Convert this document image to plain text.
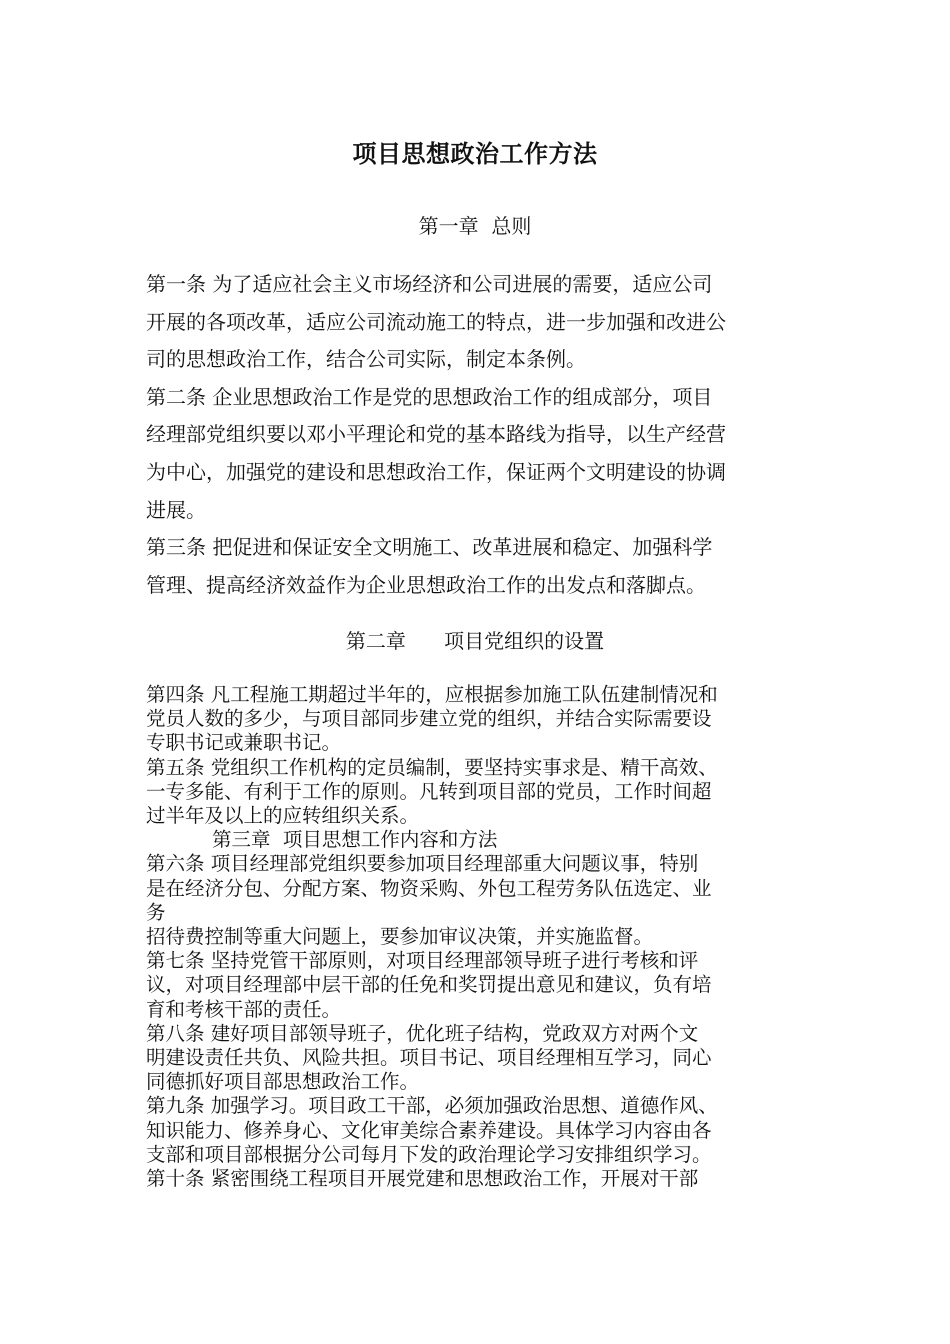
项目思想政治工作方法
第一章  总则

第一条 为了适应社会主义市场经济和公司进展的需要，适应公司
开展的各项改革，适应公司流动施工的特点，进一步加强和改进公
司的思想政治工作，结合公司实际，制定本条例。

第二条 企业思想政治工作是党的思想政治工作的组成部分，项目
经理部党组织要以邓小平理论和党的基本路线为指导，以生产经营
为中心，加强党的建设和思想政治工作，保证两个文明建设的协调
进展。

第三条 把促进和保证安全文明施工、改革进展和稳定、加强科学
管理、提高经济效益作为企业思想政治工作的出发点和落脚点。

第二章      项目党组织的设置

第四条 凡工程施工期超过半年的，应根据参加施工队伍建制情况和
党员人数的多少，与项目部同步建立党的组织，并结合实际需要设
专职书记或兼职书记。

第五条 党组织工作机构的定员编制，要坚持实事求是、精干高效、
一专多能、有利于工作的原则。凡转到项目部的党员，工作时间超
过半年及以上的应转组织关系。

第三章  项目思想工作内容和方法

第六条 项目经理部党组织要参加项目经理部重大问题议事，特别
是在经济分包、分配方案、物资采购、外包工程劳务队伍选定、业
务
招待费控制等重大问题上，要参加审议决策，并实施监督。

第七条 坚持党管干部原则，对项目经理部领导班子进行考核和评
议，对项目经理部中层干部的任免和奖罚提出意见和建议，负有培
育和考核干部的责任。

第八条 建好项目部领导班子，优化班子结构，党政双方对两个文
明建设责任共负、风险共担。项目书记、项目经理相互学习，同心
同德抓好项目部思想政治工作。

第九条 加强学习。项目政工干部，必须加强政治思想、道德作风、
知识能力、修养身心、文化审美综合素养建设。具体学习内容由各
支部和项目部根据分公司每月下发的政治理论学习安排组织学习。

第十条 紧密围绕工程项目开展党建和思想政治工作，开展对干部
